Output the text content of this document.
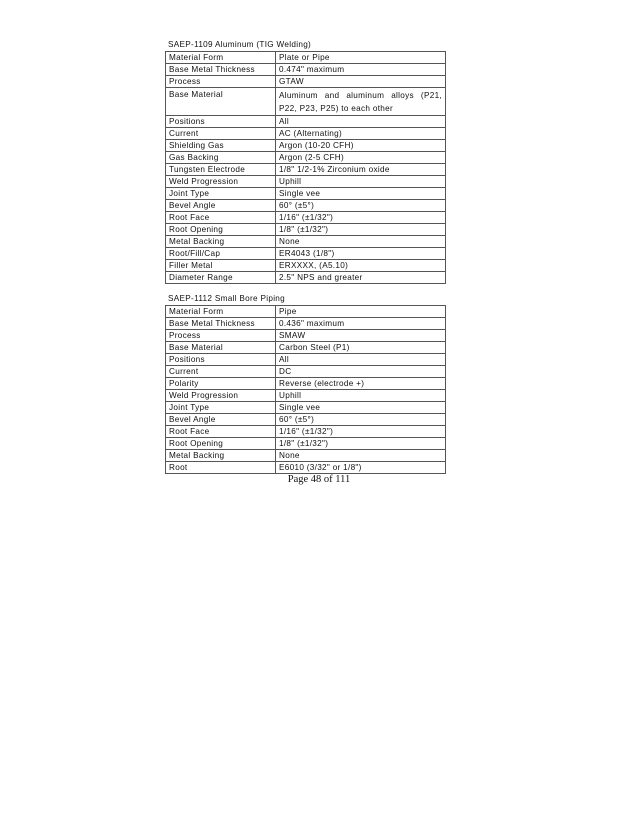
SAEP-1109 Aluminum (TIG Welding)
Material Form	Plate or Pipe
Base Metal Thickness	0.474" maximum
Process	GTAW
Base Material	Aluminum and aluminum alloys (P21, P22, P23, P25) to each other
Positions	All
Current	AC (Alternating)
Shielding Gas	Argon (10-20 CFH)
Gas Backing	Argon (2-5 CFH)
Tungsten Electrode	1/8" 1/2-1% Zirconium oxide
Weld Progression	Uphill
Joint Type	Single vee
Bevel Angle	60° (±5°)
Root Face	1/16" (±1/32")
Root Opening	1/8" (±1/32")
Metal Backing	None
Root/Fill/Cap	ER4043 (1/8")
Filler Metal	ERXXXX, (A5.10)
Diameter Range	2.5" NPS and greater
SAEP-1112 Small Bore Piping
Material Form	Pipe
Base Metal Thickness	0.436" maximum
Process	SMAW
Base Material	Carbon Steel (P1)
Positions	All
Current	DC
Polarity	Reverse (electrode +)
Weld Progression	Uphill
Joint Type	Single vee
Bevel Angle	60° (±5°)
Root Face	1/16" (±1/32")
Root Opening	1/8" (±1/32")
Metal Backing	None
Root	E6010 (3/32" or 1/8")
Page 48 of 111
